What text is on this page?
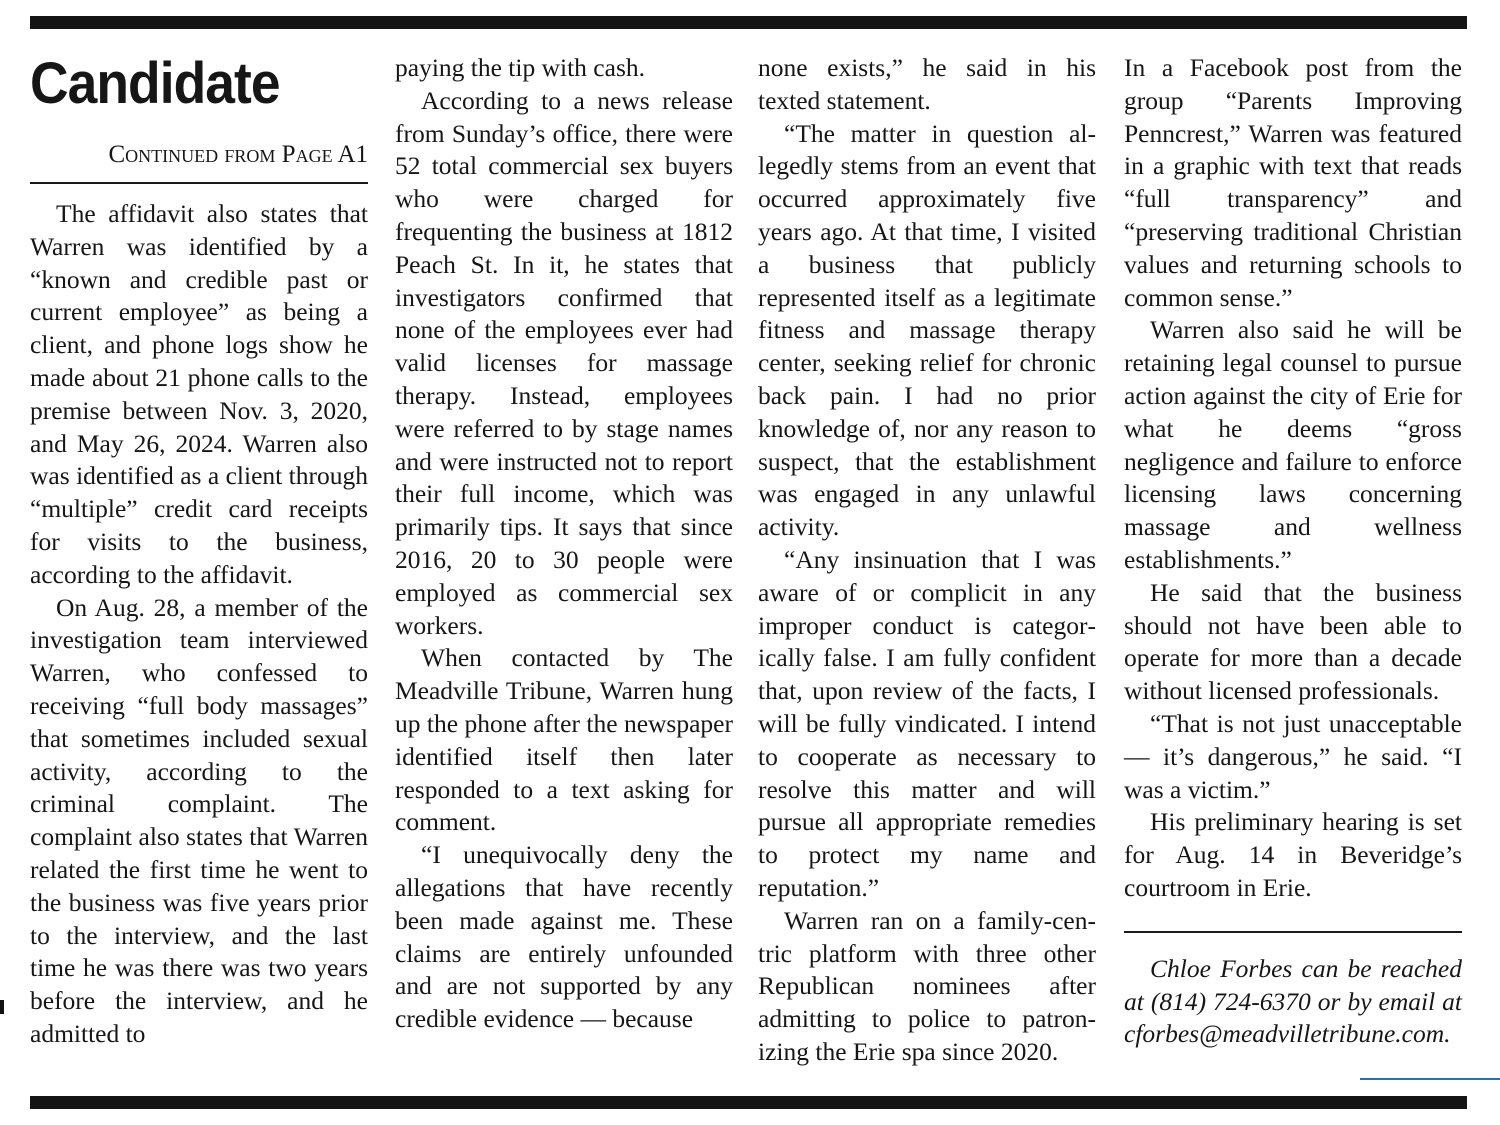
Candidate
Continued from Page A1

The affidavit also states that Warren was identified by a “known and credible past or current employee” as being a client, and phone logs show he made about 21 phone calls to the premise between Nov. 3, 2020, and May 26, 2024. Warren also was identified as a client through “multiple” credit card receipts for visits to the business, according to the affidavit.

On Aug. 28, a member of the investigation team interviewed Warren, who confessed to receiving “full body massages” that sometimes included sexual activity, according to the criminal complaint. The complaint also states that Warren related the first time he went to the business was five years prior to the interview, and the last time he was there was two years before the interview, and he admitted to

paying the tip with cash.

According to a news release from Sunday’s office, there were 52 total commercial sex buyers who were charged for frequenting the business at 1812 Peach St. In it, he states that investigators confirmed that none of the employees ever had valid licenses for massage therapy. Instead, employees were referred to by stage names and were instructed not to report their full income, which was primarily tips. It says that since 2016, 20 to 30 people were employed as commercial sex workers.

When contacted by The Meadville Tribune, Warren hung up the phone after the newspaper identified itself then later responded to a text asking for comment.

“I unequivocally deny the allegations that have recently been made against me. These claims are entirely unfounded and are not supported by any credible evidence — because

none exists,” he said in his texted statement.

“The matter in question allegedly stems from an event that occurred approximately five years ago. At that time, I visited a business that publicly represented itself as a legitimate fitness and massage therapy center, seeking relief for chronic back pain. I had no prior knowledge of, nor any reason to suspect, that the establishment was engaged in any unlawful activity.

“Any insinuation that I was aware of or complicit in any improper conduct is categorically false. I am fully confident that, upon review of the facts, I will be fully vindicated. I intend to cooperate as necessary to resolve this matter and will pursue all appropriate remedies to protect my name and reputation.”

Warren ran on a family-centric platform with three other Republican nominees after admitting to police to patronizing the Erie spa since 2020.

In a Facebook post from the group “Parents Improving Penncrest,” Warren was featured in a graphic with text that reads “full transparency” and “preserving traditional Christian values and returning schools to common sense.”

Warren also said he will be retaining legal counsel to pursue action against the city of Erie for what he deems “gross negligence and failure to enforce licensing laws concerning massage and wellness establishments.”

He said that the business should not have been able to operate for more than a decade without licensed professionals.

“That is not just unacceptable — it’s dangerous,” he said. “I was a victim.”

His preliminary hearing is set for Aug. 14 in Beveridge’s courtroom in Erie.

Chloe Forbes can be reached at (814) 724-6370 or by email at cforbes@meadvilletribune.com.
